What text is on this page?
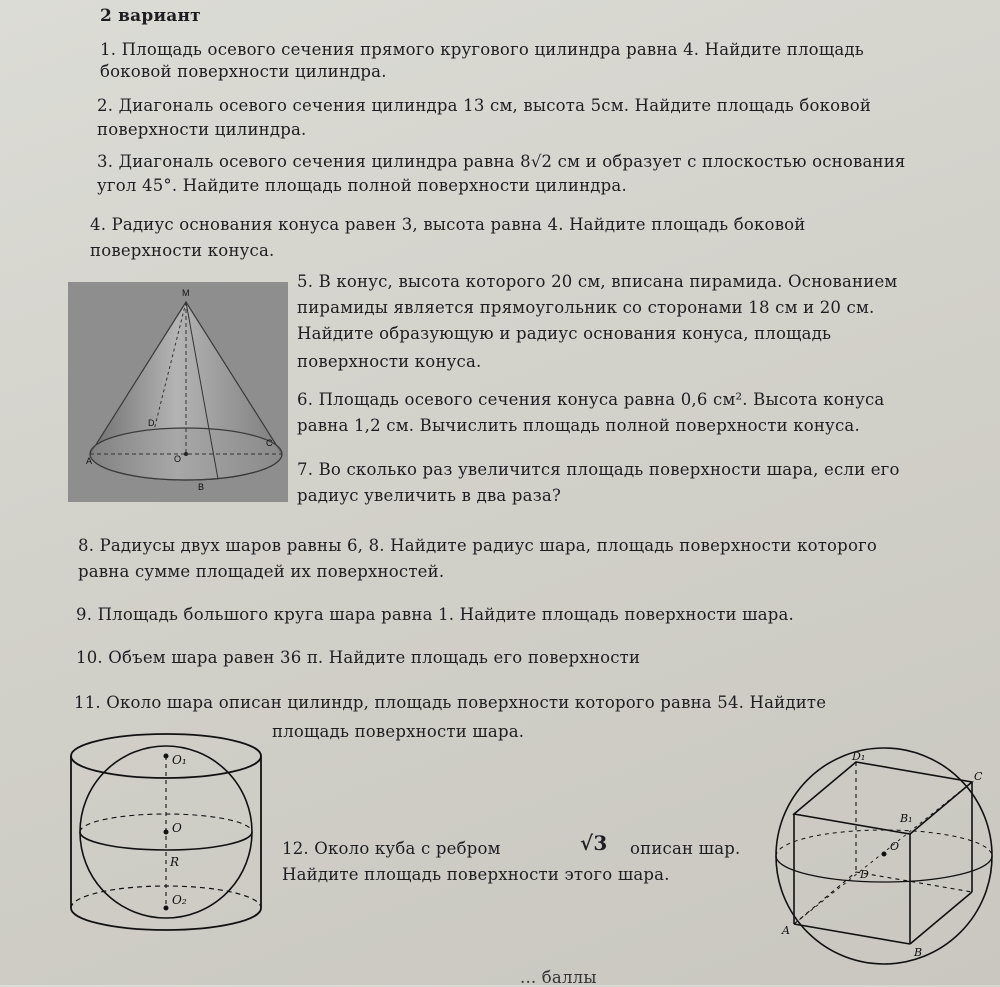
2 вариант
1. Площадь осевого сечения прямого кругового цилиндра равна 4. Найдите площадь
боковой поверхности цилиндра.
2. Диагональ осевого сечения цилиндра 13 см, высота 5см. Найдите площадь боковой
поверхности цилиндра.
3. Диагональ осевого сечения цилиндра равна 8√2 см и образует с плоскостью основания
угол 45°. Найдите площадь полной поверхности цилиндра.
4. Радиус основания конуса равен 3, высота равна 4. Найдите площадь боковой
поверхности конуса.
M
D
C
A	O
B
5. В конус, высота которого 20 см, вписана пирамида. Основанием
пирамиды является прямоугольник со сторонами 18 см и 20 см.
Найдите образующую и радиус основания конуса, площадь
поверхности конуса.
6. Площадь осевого сечения конуса равна 0,6 см². Высота конуса
равна 1,2 см. Вычислить площадь полной поверхности конуса.
7. Во сколько раз увеличится площадь поверхности шара, если его
радиус увеличить в два раза?
8. Радиусы двух шаров равны 6, 8. Найдите радиус шара, площадь поверхности которого
равна сумме площадей их поверхностей.
9. Площадь большого круга шара равна 1. Найдите площадь поверхности шара.
10. Объем шара равен 36 π. Найдите площадь его поверхности
11. Около шара описан цилиндр, площадь поверхности которого равна 54. Найдите
площадь поверхности шара.
O₁
O
R
O₂
12. Около куба с ребром	√3 описан шар.
Найдите площадь поверхности этого шара.
D₁
C
B₁
O
D
A
B
... баллы
